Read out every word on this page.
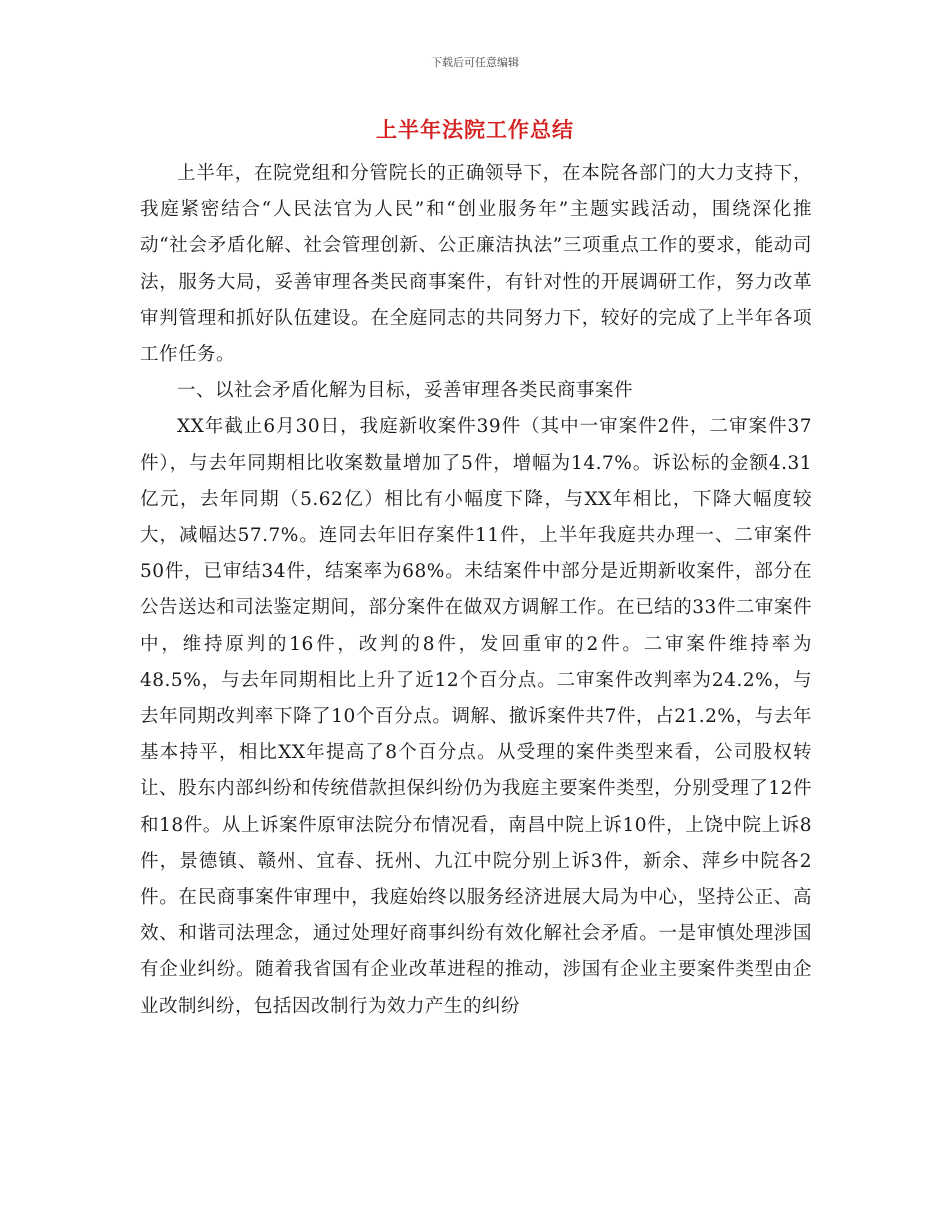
下载后可任意编辑
上半年法院工作总结

上半年，在院党组和分管院长的正确领导下，在本院各部门的大力支持下，我庭紧密结合“人民法官为人民”和“创业服务年”主题实践活动，围绕深化推动“社会矛盾化解、社会管理创新、公正廉洁执法”三项重点工作的要求，能动司法，服务大局，妥善审理各类民商事案件，有针对性的开展调研工作，努力改革审判管理和抓好队伍建设。在全庭同志的共同努力下，较好的完成了上半年各项工作任务。

一、以社会矛盾化解为目标，妥善审理各类民商事案件

XX年截止6月30日，我庭新收案件39件（其中一审案件2件，二审案件37件），与去年同期相比收案数量增加了5件，增幅为14.7%。诉讼标的金额4.31亿元，去年同期（5.62亿）相比有小幅度下降，与XX年相比，下降大幅度较大，减幅达57.7%。连同去年旧存案件11件，上半年我庭共办理一、二审案件50件，已审结34件，结案率为68%。未结案件中部分是近期新收案件，部分在公告送达和司法鉴定期间，部分案件在做双方调解工作。在已结的33件二审案件中，维持原判的16件，改判的8件，发回重审的2件。二审案件维持率为48.5%，与去年同期相比上升了近12个百分点。二审案件改判率为24.2%，与去年同期改判率下降了10个百分点。调解、撤诉案件共7件，占21.2%，与去年基本持平，相比XX年提高了8个百分点。从受理的案件类型来看，公司股权转让、股东内部纠纷和传统借款担保纠纷仍为我庭主要案件类型，分别受理了12件和18件。从上诉案件原审法院分布情况看，南昌中院上诉10件，上饶中院上诉8件，景德镇、赣州、宜春、抚州、九江中院分别上诉3件，新余、萍乡中院各2件。在民商事案件审理中，我庭始终以服务经济进展大局为中心，坚持公正、高效、和谐司法理念，通过处理好商事纠纷有效化解社会矛盾。一是审慎处理涉国有企业纠纷。随着我省国有企业改革进程的推动，涉国有企业主要案件类型由企业改制纠纷，包括因改制行为效力产生的纠纷
